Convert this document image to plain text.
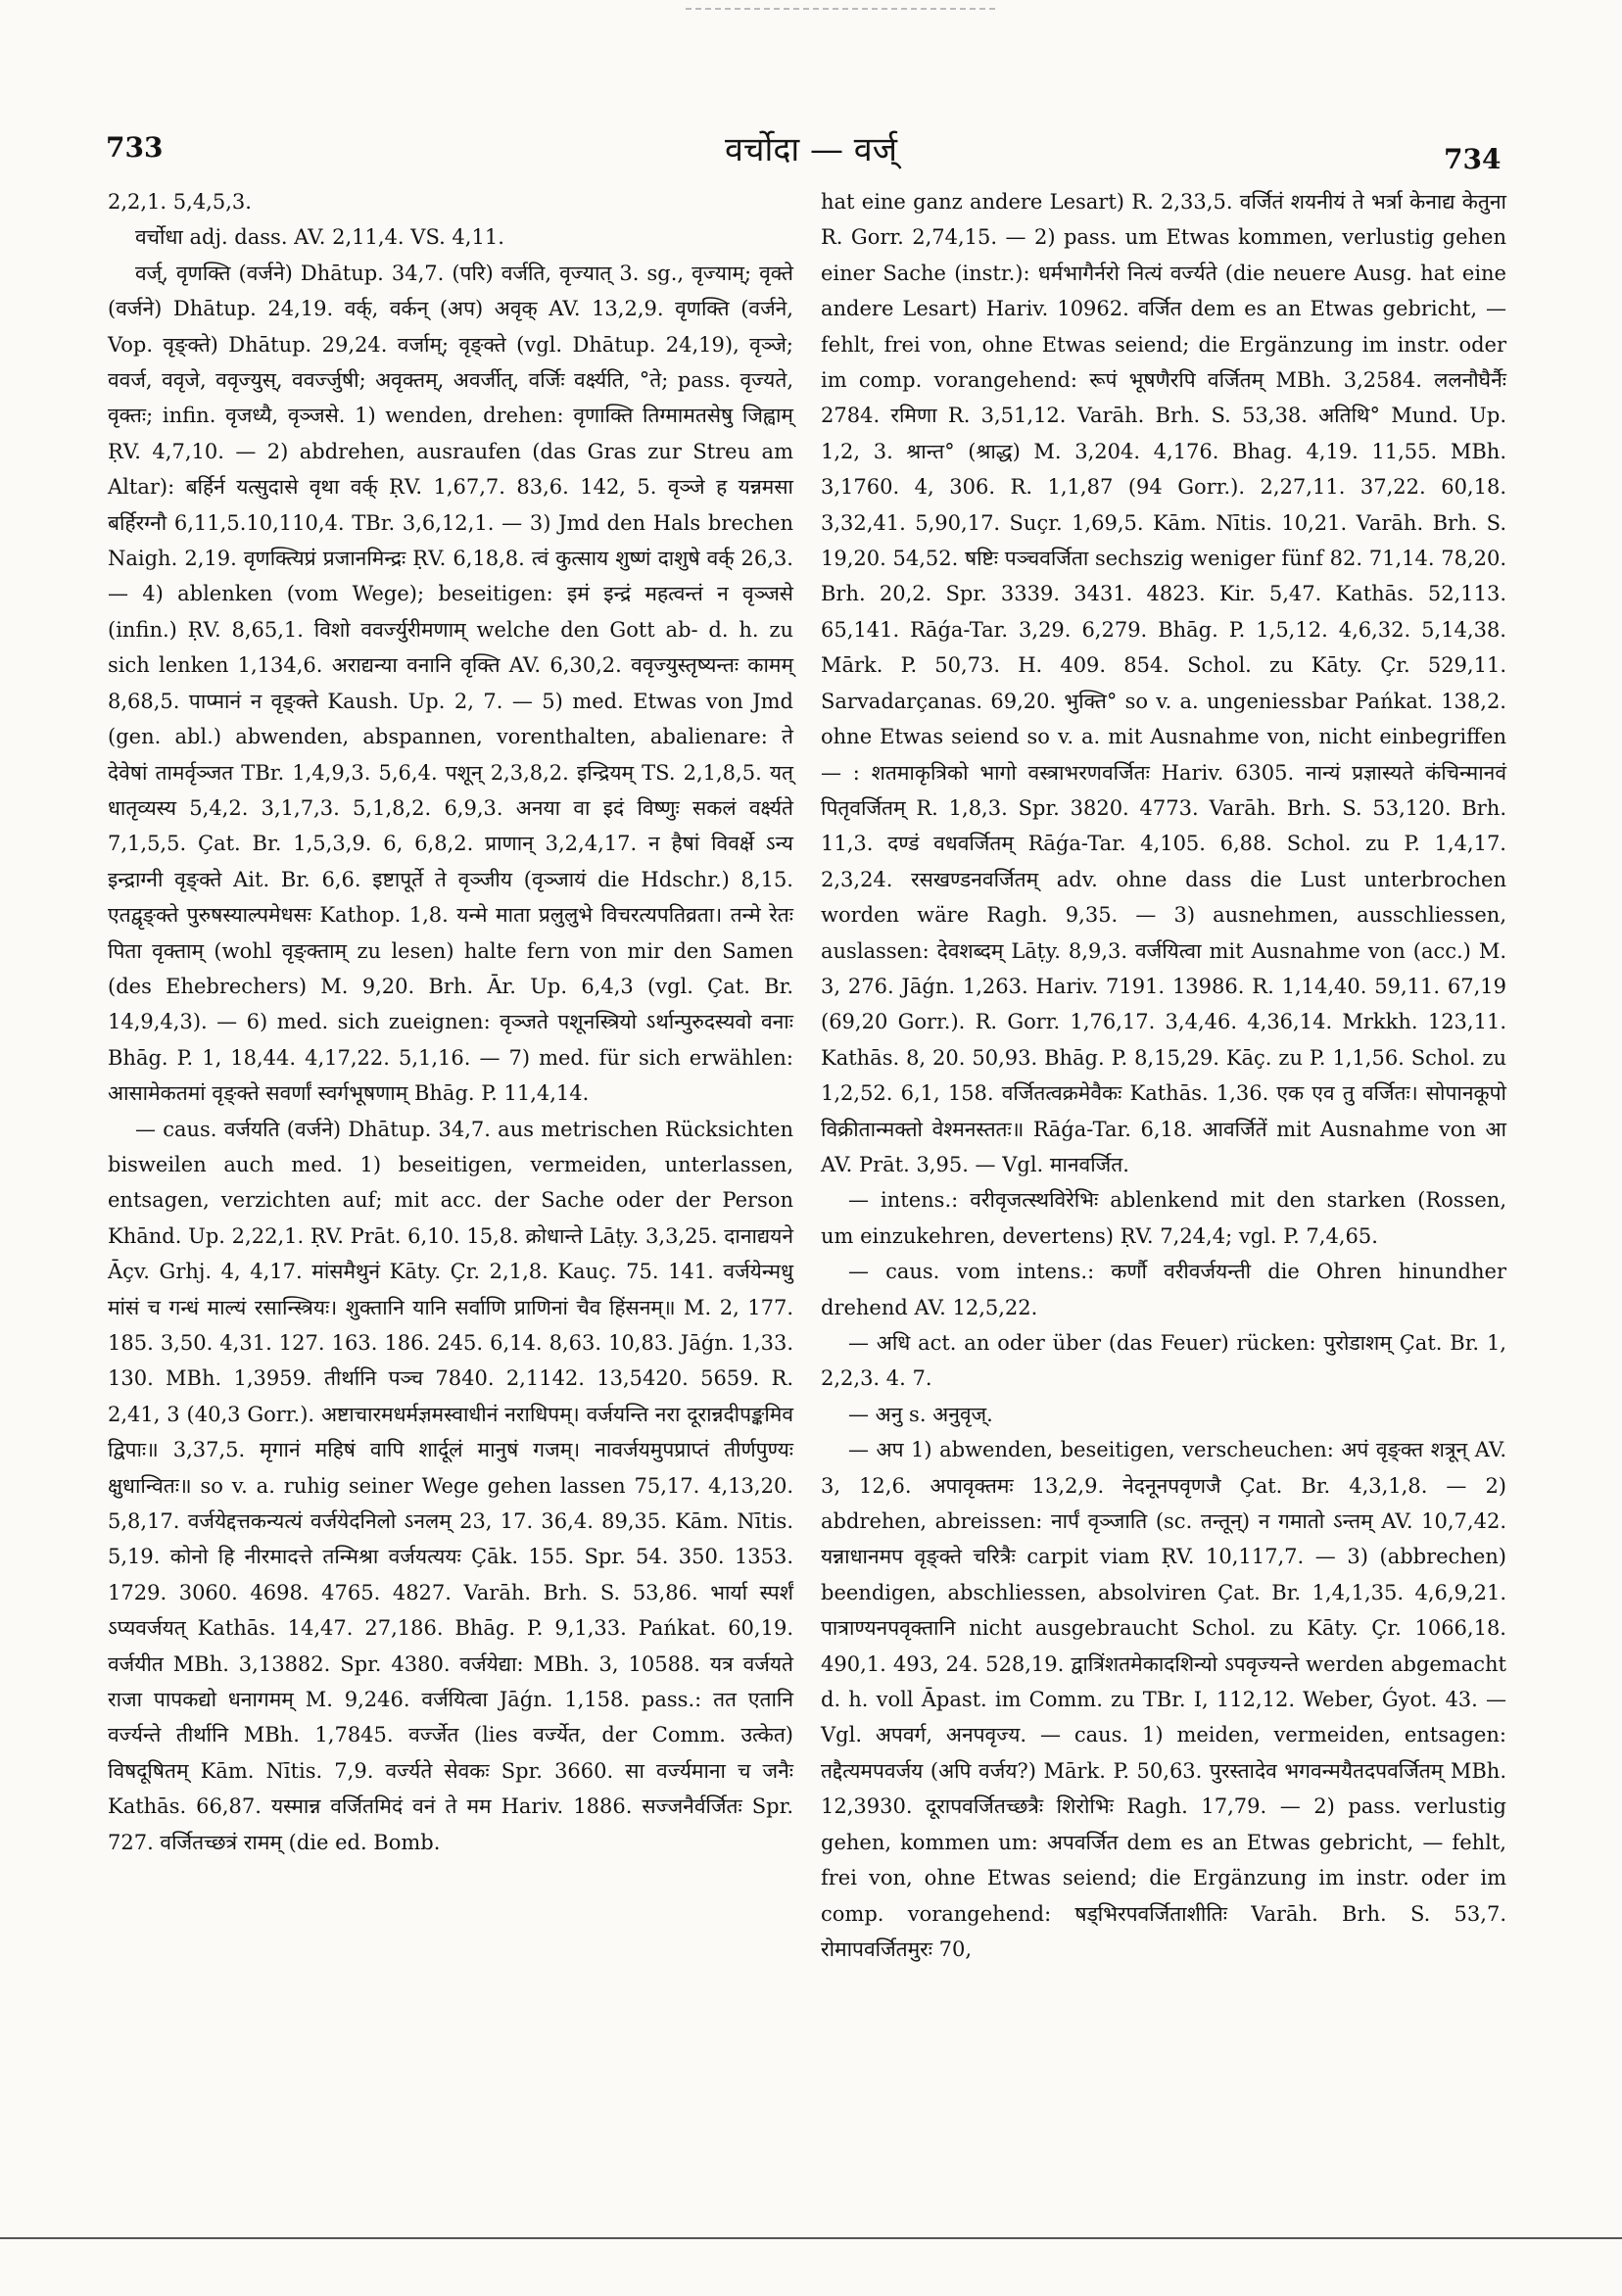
733	वर्चोदा — वर्ज्	734

2,2,1. 5,4,5,3.

वर्चोधा adj. dass. AV. 2,11,4. VS. 4,11.

वर्ज्, वृणक्ति (वर्जने) Dhātup. 34,7. (परि) वर्जति, वृज्यात् 3. sg., वृज्याम्; वृक्ते (वर्जने) Dhātup. 24,19. वर्क्, वर्कन् (अप) अवृक् AV. 13,2,9. वृणक्ति (वर्जने, Vop. वृङ्क्ते) Dhātup. 29,24. वर्जाम्; वृङ्क्ते (vgl. Dhātup. 24,19), वृञ्जे; ववर्ज, ववृजे, ववृज्युस्, ववर्ज्जुषी; अवृक्तम्, अवर्जीत्, वर्जिः वर्क्ष्यति, °ते; pass. वृज्यते, वृक्तः; infin. वृजध्यै, वृञ्जसे. 1) wenden, drehen: वृणाक्ति तिग्मामतसेषु जिह्वाम् ṚV. 4,7,10. — 2) abdrehen, ausraufen (das Gras zur Streu am Altar): बर्हिर्न यत्सुदासे वृथा वर्क् ṚV. 1,67,7. 83,6. 142, 5. वृञ्जे ह यन्नमसा बर्हिरग्नौ 6,11,5.10,110,4. TBr. 3,6,12,1. — 3) Jmd den Hals brechen Naigh. 2,19. वृणक्त्यिप्रं प्रजानमिन्द्रः ṚV. 6,18,8. त्वं कुत्साय शुष्णं दाशुषे वर्क् 26,3. — 4) ablenken (vom Wege); beseitigen: इमं इन्द्रं महत्वन्तं न वृञ्जसे (infin.) ṚV. 8,65,1. विशो ववर्ज्युरीमणाम् welche den Gott ab- d. h. zu sich lenken 1,134,6. अराद्यन्या वनानि वृक्ति AV. 6,30,2. ववृज्युस्तृष्यन्तः कामम् 8,68,5. पाप्मानं न वृङ्क्ते Kaush. Up. 2, 7. — 5) med. Etwas von Jmd (gen. abl.) abwenden, abspannen, vorenthalten, abalienare: ते देवेषां तामर्वृञ्जत TBr. 1,4,9,3. 5,6,4. पशून् 2,3,8,2. इन्द्रियम् TS. 2,1,8,5. यत् धातृव्यस्य 5,4,2. 3,1,7,3. 5,1,8,2. 6,9,3. अनया वा इदं विष्णुः सकलं वर्क्ष्यते 7,1,5,5. Çat. Br. 1,5,3,9. 6, 6,8,2. प्राणान् 3,2,4,17. न हैषां विवर्क्षे ऽन्य इन्द्राग्नी वृङ्क्ते Ait. Br. 6,6. इष्टापूर्ते ते वृञ्जीय (वृञ्जायं die Hdschr.) 8,15. एतद्वृङ्क्ते पुरुषस्याल्पमेधसः Kathop. 1,8. यन्मे माता प्रलुलुभे विचरत्यपतिव्रता। तन्मे रेतः पिता वृक्ताम् (wohl वृङ्क्ताम् zu lesen) halte fern von mir den Samen (des Ehebrechers) M. 9,20. Brh. Ār. Up. 6,4,3 (vgl. Çat. Br. 14,9,4,3). — 6) med. sich zueignen: वृञ्जते पशूनस्त्रियो ऽर्थान्पुरुदस्यवो वनाः Bhāg. P. 1, 18,44. 4,17,22. 5,1,16. — 7) med. für sich erwählen: आसामेकतमां वृङ्क्ते सवर्णां स्वर्गभूषणाम् Bhāg. P. 11,4,14.

— caus. वर्जयति (वर्जने) Dhātup. 34,7. aus metrischen Rücksichten bisweilen auch med. 1) beseitigen, vermeiden, unterlassen, entsagen, verzichten auf; mit acc. der Sache oder der Person Khānd. Up. 2,22,1. ṚV. Prāt. 6,10. 15,8. क्रोधान्ते Lāṭy. 3,3,25. दानाद्ययने Āçv. Grhj. 4, 4,17. मांसमैथुनं Kāty. Çr. 2,1,8. Kauç. 75. 141. वर्जयेन्मधु मांसं च गन्धं माल्यं रसान्स्त्रियः। शुक्तानि यानि सर्वाणि प्राणिनां चैव हिंसनम्॥ M. 2, 177. 185. 3,50. 4,31. 127. 163. 186. 245. 6,14. 8,63. 10,83. Jāǵn. 1,33. 130. MBh. 1,3959. तीर्थानि पञ्च 7840. 2,1142. 13,5420. 5659. R. 2,41, 3 (40,3 Gorr.). अष्टाचारमधर्मज्ञमस्वाधीनं नराधिपम्। वर्जयन्ति नरा दूरान्नदीपङ्कमिव द्विपाः॥ 3,37,5. मृगानं महिषं वापि शार्दूलं मानुषं गजम्। नावर्जयमुपप्राप्तं तीर्णपुण्यः क्षुधान्वितः॥ so v. a. ruhig seiner Wege gehen lassen 75,17. 4,13,20. 5,8,17. वर्जयेद्दत्तकन्यत्यं वर्जयेदनिलो ऽनलम् 23, 17. 36,4. 89,35. Kām. Nītis. 5,19. कोनो हि नीरमादत्ते तन्मिश्रा वर्जयत्ययः Çāk. 155. Spr. 54. 350. 1353. 1729. 3060. 4698. 4765. 4827. Varāh. Brh. S. 53,86. भार्या स्पर्शं ऽप्यवर्जयत् Kathās. 14,47. 27,186. Bhāg. P. 9,1,33. Pańkat. 60,19. वर्जयीत MBh. 3,13882. Spr. 4380. वर्जयेद्या: MBh. 3, 10588. यत्र वर्जयते राजा पापकद्यो धनागमम् M. 9,246. वर्जयित्वा Jāǵn. 1,158. pass.: तत एतानि वर्ज्यन्ते तीर्थानि MBh. 1,7845. वर्ज्जेत (lies वर्ज्येत, der Comm. उत्केत) विषदूषितम् Kām. Nītis. 7,9. वर्ज्यते सेवकः Spr. 3660. सा वर्ज्यमाना च जनैः Kathās. 66,87. यस्मान्न वर्जितमिदं वनं ते मम Hariv. 1886. सज्जनैर्वर्जितः Spr. 727. वर्जितच्छत्रं रामम् (die ed. Bomb.

hat eine ganz andere Lesart) R. 2,33,5. वर्जितं शयनीयं ते भर्त्रा केनाद्य केतुना R. Gorr. 2,74,15. — 2) pass. um Etwas kommen, verlustig gehen einer Sache (instr.): धर्मभागैर्नरो नित्यं वर्ज्यते (die neuere Ausg. hat eine andere Lesart) Hariv. 10962. वर्जित dem es an Etwas gebricht, — fehlt, frei von, ohne Etwas seiend; die Ergänzung im instr. oder im comp. vorangehend: रूपं भूषणैरपि वर्जितम् MBh. 3,2584. ललनौघैर्नैः 2784. रमिणा R. 3,51,12. Varāh. Brh. S. 53,38. अतिथि° Mund. Up. 1,2, 3. श्रान्त° (श्राद्ध) M. 3,204. 4,176. Bhag. 4,19. 11,55. MBh. 3,1760. 4, 306. R. 1,1,87 (94 Gorr.). 2,27,11. 37,22. 60,18. 3,32,41. 5,90,17. Suçr. 1,69,5. Kām. Nītis. 10,21. Varāh. Brh. S. 19,20. 54,52. षष्टिः पञ्चवर्जिता sechszig weniger fünf 82. 71,14. 78,20. Brh. 20,2. Spr. 3339. 3431. 4823. Kir. 5,47. Kathās. 52,113. 65,141. Rāǵa-Tar. 3,29. 6,279. Bhāg. P. 1,5,12. 4,6,32. 5,14,38. Mārk. P. 50,73. H. 409. 854. Schol. zu Kāty. Çr. 529,11. Sarvadarçanas. 69,20. भुक्ति° so v. a. ungeniessbar Pańkat. 138,2. ohne Etwas seiend so v. a. mit Ausnahme von, nicht einbegriffen — : शतमाकृत्रिको भागो वस्त्राभरणवर्जितः Hariv. 6305. नान्यं प्रज्ञास्यते कंचिन्मानवं पितृवर्जितम् R. 1,8,3. Spr. 3820. 4773. Varāh. Brh. S. 53,120. Brh. 11,3. दण्डं वधवर्जितम् Rāǵa-Tar. 4,105. 6,88. Schol. zu P. 1,4,17. 2,3,24. रसखण्डनवर्जितम् adv. ohne dass die Lust unterbrochen worden wäre Ragh. 9,35. — 3) ausnehmen, ausschliessen, auslassen: देवशब्दम् Lāṭy. 8,9,3. वर्जयित्वा mit Ausnahme von (acc.) M. 3, 276. Jāǵn. 1,263. Hariv. 7191. 13986. R. 1,14,40. 59,11. 67,19 (69,20 Gorr.). R. Gorr. 1,76,17. 3,4,46. 4,36,14. Mrkkh. 123,11. Kathās. 8, 20. 50,93. Bhāg. P. 8,15,29. Kāç. zu P. 1,1,56. Schol. zu 1,2,52. 6,1, 158. वर्जितत्वक्रमेवैकः Kathās. 1,36. एक एव तु वर्जितः। सोपानकूपो विक्रीतान्मक्तो वेश्मनस्ततः॥ Rāǵa-Tar. 6,18. आवर्जितें mit Ausnahme von आ AV. Prāt. 3,95. — Vgl. मानवर्जित.

— intens.: वरीवृजत्स्थविरेभिः ablenkend mit den starken (Rossen, um einzukehren, devertens) ṚV. 7,24,4; vgl. P. 7,4,65.

— caus. vom intens.: कर्णौ वरीवर्जयन्ती die Ohren hinundher drehend AV. 12,5,22.

— अधि act. an oder über (das Feuer) rücken: पुरोडाशम् Çat. Br. 1, 2,2,3. 4. 7.

— अनु s. अनुवृज्.

— अप 1) abwenden, beseitigen, verscheuchen: अपं वृङ्क्त शत्रून् AV. 3, 12,6. अपावृक्तमः 13,2,9. नेदनूनपवृणजै Çat. Br. 4,3,1,8. — 2) abdrehen, abreissen: नार्पं वृञ्जाति (sc. तन्तून्) न गमातो ऽन्तम् AV. 10,7,42. यन्नाधानमप वृङ्क्ते चरित्रैः carpit viam ṚV. 10,117,7. — 3) (abbrechen) beendigen, abschliessen, absolviren Çat. Br. 1,4,1,35. 4,6,9,21. पात्राण्यनपवृक्तानि nicht ausgebraucht Schol. zu Kāty. Çr. 1066,18. 490,1. 493, 24. 528,19. द्वात्रिंशतमेकादशिन्यो ऽपवृज्यन्ते werden abgemacht d. h. voll Āpast. im Comm. zu TBr. I, 112,12. Weber, Ǵyot. 43. — Vgl. अपवर्ग, अनपवृज्य. — caus. 1) meiden, vermeiden, entsagen: तद्दैत्यमपवर्जय (अपि वर्जय?) Mārk. P. 50,63. पुरस्तादेव भगवन्मयैतदपवर्जितम् MBh. 12,3930. दूरापवर्जितच्छत्रैः शिरोभिः Ragh. 17,79. — 2) pass. verlustig gehen, kommen um: अपवर्जित dem es an Etwas gebricht, — fehlt, frei von, ohne Etwas seiend; die Ergänzung im instr. oder im comp. vorangehend: षड्भिरपवर्जिताशीतिः Varāh. Brh. S. 53,7. रोमापवर्जितमुरः 70,
